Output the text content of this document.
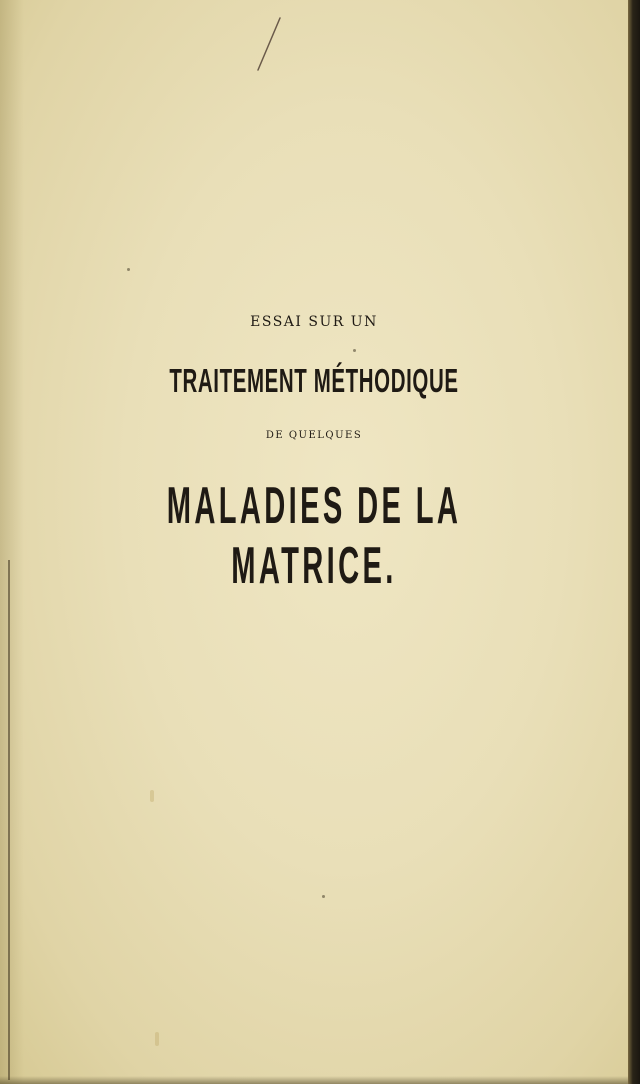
ESSAI SUR UN
TRAITEMENT MÉTHODIQUE
DE QUELQUES
MALADIES DE LA MATRICE.
